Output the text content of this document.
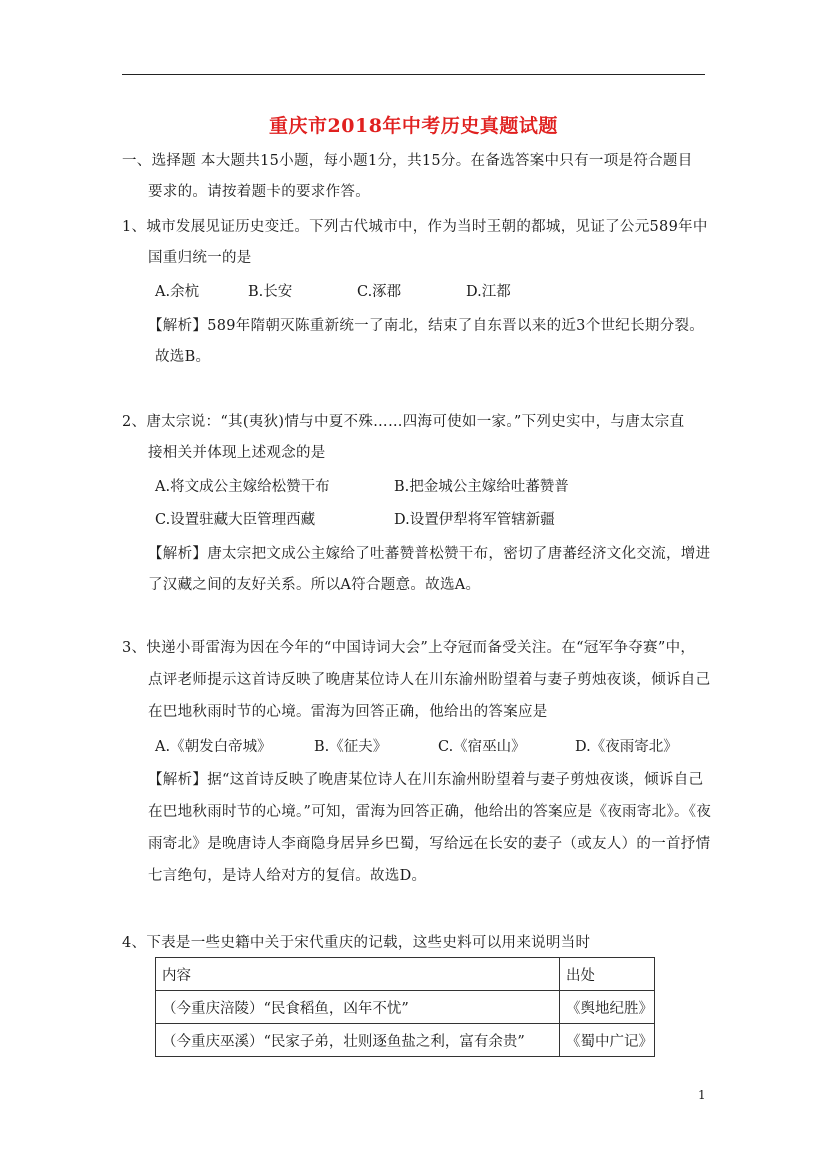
重庆市2018年中考历史真题试题
一、选择题 本大题共15小题，每小题1分，共15分。在备选答案中只有一项是符合题目
要求的。请按着题卡的要求作答。
1、城市发展见证历史变迁。下列古代城市中，作为当时王朝的都城，见证了公元589年中
国重归统一的是
A.余杭	B.长安	C.涿郡	D.江都
【解析】589年隋朝灭陈重新统一了南北，结束了自东晋以来的近3个世纪长期分裂。
故选B。
2、唐太宗说：“其(夷狄)情与中夏不殊……四海可使如一家。”下列史实中，与唐太宗直
接相关并体现上述观念的是
A.将文成公主嫁给松赞干布	B.把金城公主嫁给吐蕃赞普
C.设置驻藏大臣管理西藏	D.设置伊犁将军管辖新疆
【解析】唐太宗把文成公主嫁给了吐蕃赞普松赞干布，密切了唐蕃经济文化交流，增进
了汉藏之间的友好关系。所以A符合题意。故选A。
3、快递小哥雷海为因在今年的“中国诗词大会”上夺冠而备受关注。在“冠军争夺赛”中，
点评老师提示这首诗反映了晚唐某位诗人在川东渝州盼望着与妻子剪烛夜谈，倾诉自己
在巴地秋雨时节的心境。雷海为回答正确，他给出的答案应是
A.《朝发白帝城》	B.《征夫》	C.《宿巫山》	D.《夜雨寄北》
【解析】据“这首诗反映了晚唐某位诗人在川东渝州盼望着与妻子剪烛夜谈，倾诉自己
在巴地秋雨时节的心境。”可知，雷海为回答正确，他给出的答案应是《夜雨寄北》。《夜
雨寄北》是晚唐诗人李商隐身居异乡巴蜀，写给远在长安的妻子（或友人）的一首抒情
七言绝句，是诗人给对方的复信。故选D。
4、下表是一些史籍中关于宋代重庆的记载，这些史料可以用来说明当时
内容	出处
（今重庆涪陵）“民食稻鱼，凶年不忧”	《舆地纪胜》
（今重庆巫溪）“民家子弟，壮则逐鱼盐之利，富有余贵”	《蜀中广记》
1
